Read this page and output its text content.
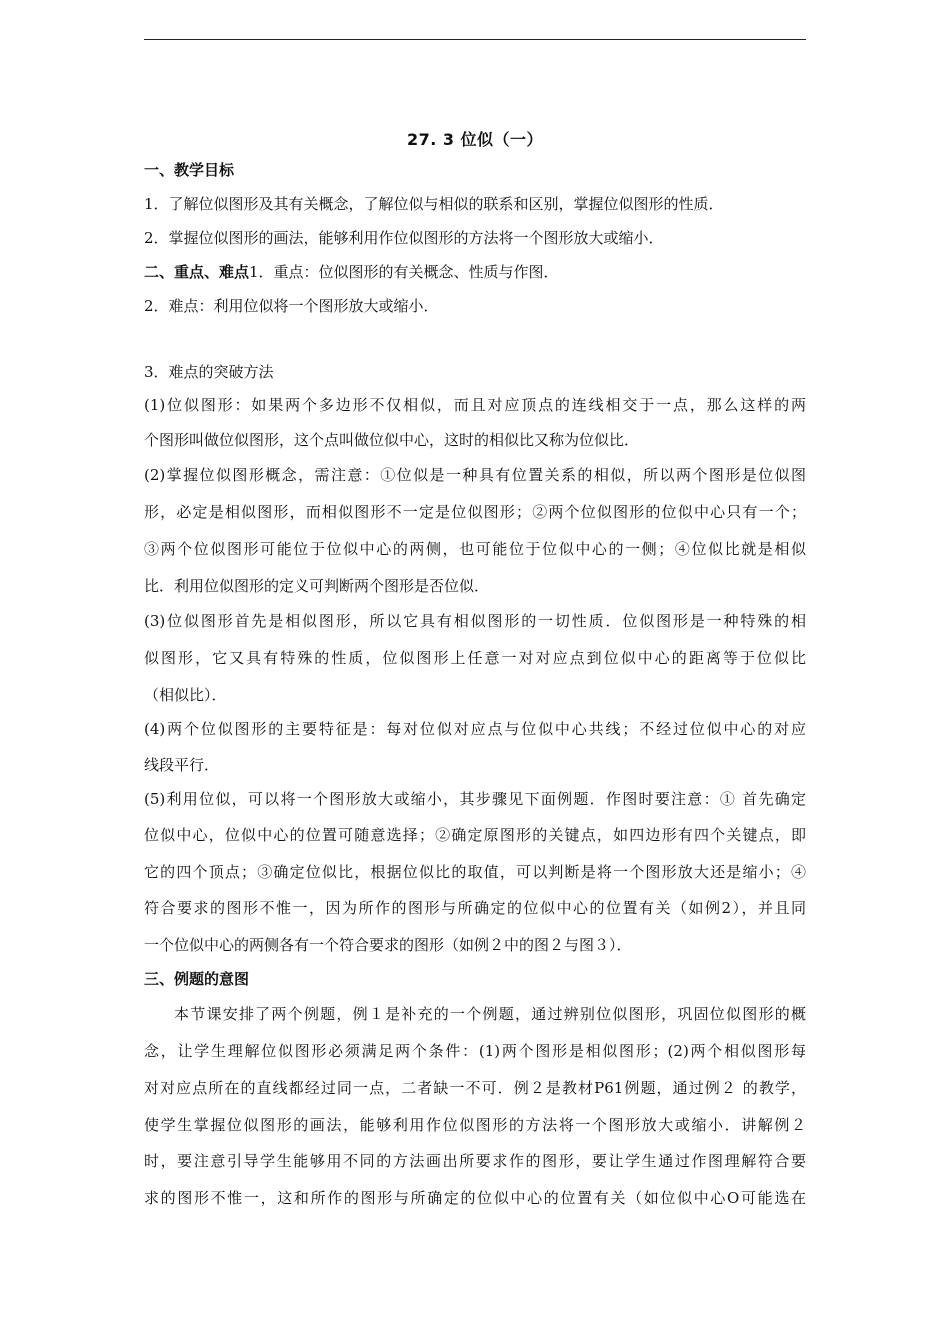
27. 3 位似（一）
一、教学目标
1．了解位似图形及其有关概念，了解位似与相似的联系和区别，掌握位似图形的性质．
2．掌握位似图形的画法，能够利用作位似图形的方法将一个图形放大或缩小．
二、重点、难点1．重点：位似图形的有关概念、性质与作图．
2．难点：利用位似将一个图形放大或缩小．
3．难点的突破方法
(1)位似图形：如果两个多边形不仅相似，而且对应顶点的连线相交于一点，那么这样的两
个图形叫做位似图形，这个点叫做位似中心，这时的相似比又称为位似比．
(2)掌握位似图形概念，需注意：①位似是一种具有位置关系的相似，所以两个图形是位似图
形，必定是相似图形，而相似图形不一定是位似图形；②两个位似图形的位似中心只有一个；
③两个位似图形可能位于位似中心的两侧，也可能位于位似中心的一侧；④位似比就是相似
比．利用位似图形的定义可判断两个图形是否位似．
(3)位似图形首先是相似图形，所以它具有相似图形的一切性质．位似图形是一种特殊的相
似图形，它又具有特殊的性质，位似图形上任意一对对应点到位似中心的距离等于位似比
（相似比）．
(4)两个位似图形的主要特征是：每对位似对应点与位似中心共线；不经过位似中心的对应
线段平行．
(5)利用位似，可以将一个图形放大或缩小，其步骤见下面例题．作图时要注意：① 首先确定
位似中心，位似中心的位置可随意选择；②确定原图形的关键点，如四边形有四个关键点，即
它的四个顶点；③确定位似比，根据位似比的取值，可以判断是将一个图形放大还是缩小；④
符合要求的图形不惟一，因为所作的图形与所确定的位似中心的位置有关（如例2），并且同
一个位似中心的两侧各有一个符合要求的图形（如例２中的图２与图３）．
三、例题的意图
本节课安排了两个例题，例１是补充的一个例题，通过辨别位似图形，巩固位似图形的概
念，让学生理解位似图形必须满足两个条件：(1)两个图形是相似图形；(2)两个相似图形每
对对应点所在的直线都经过同一点，二者缺一不可．例２是教材P61例题，通过例２ 的教学，
使学生掌握位似图形的画法，能够利用作位似图形的方法将一个图形放大或缩小．讲解例２
时，要注意引导学生能够用不同的方法画出所要求作的图形，要让学生通过作图理解符合要
求的图形不惟一，这和所作的图形与所确定的位似中心的位置有关（如位似中心O可能选在
